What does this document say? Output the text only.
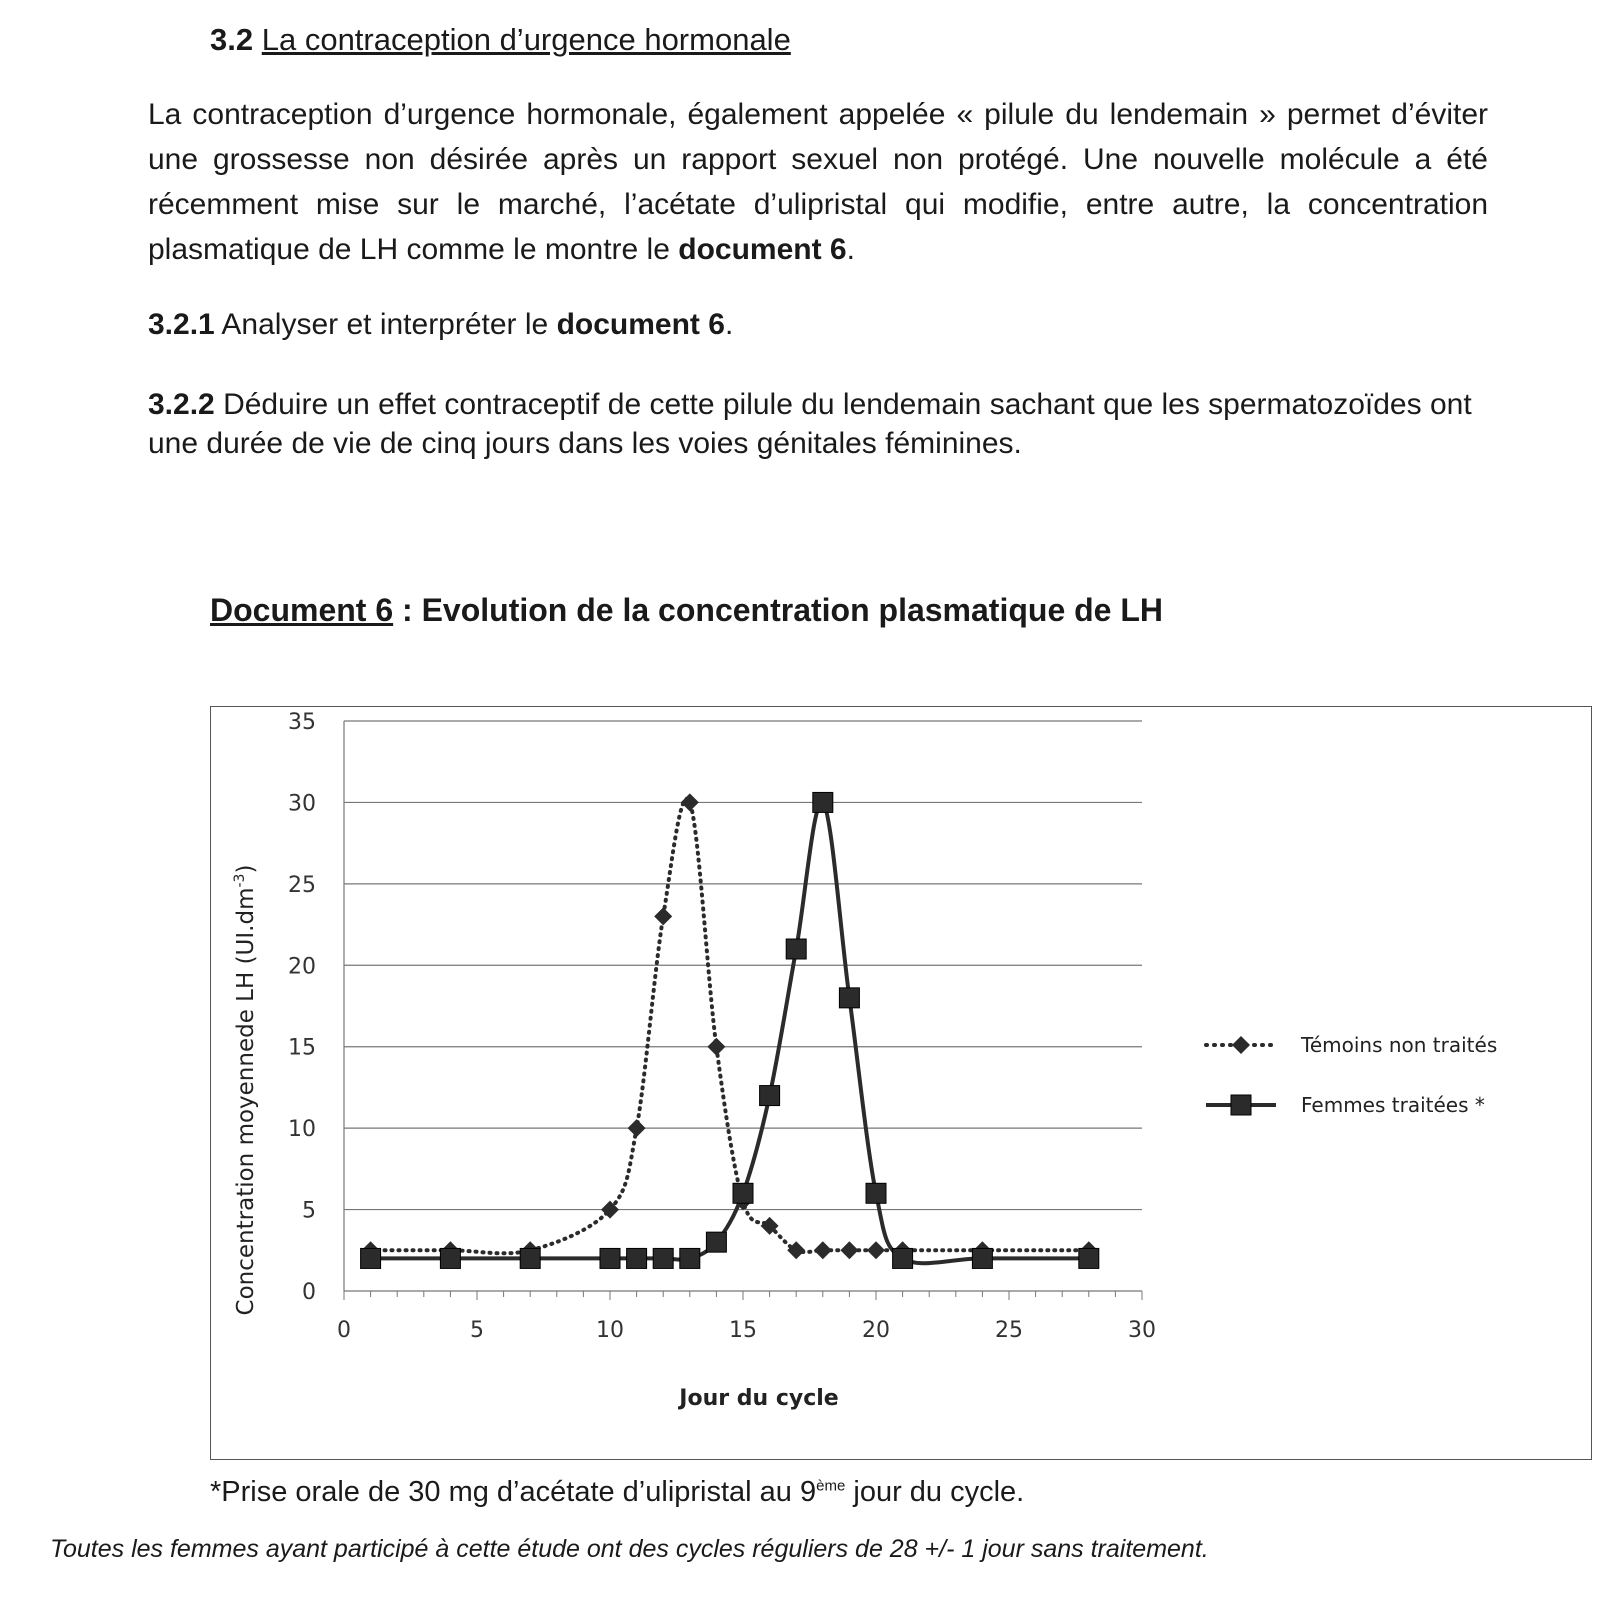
3.2 La contraception d’urgence hormonale
La contraception d’urgence hormonale, également appelée « pilule du lendemain » permet d’éviter une grossesse non désirée après un rapport sexuel non protégé. Une nouvelle molécule a été récemment mise sur le marché, l’acétate d’ulipristal qui modifie, entre autre, la concentration plasmatique de LH comme le montre le document 6.
3.2.1 Analyser et interpréter le document 6.
3.2.2 Déduire un effet contraceptif de cette pilule du lendemain sachant que les spermatozoïdes ont une durée de vie de cinq jours dans les voies génitales féminines.
Document 6 : Evolution de la concentration plasmatique de LH
0
5
10
15
20
25
30
35
0	5	10	15	20	25	30
Jour du cycle
Concentration moyennede LH $(UI.dm^{-3})$
Témoins non traités
Femmes traitées *
*Prise orale de 30 mg d’acétate d’ulipristal au 9ème jour du cycle.
Toutes les femmes ayant participé à cette étude ont des cycles réguliers de 28 +/- 1 jour sans traitement.
